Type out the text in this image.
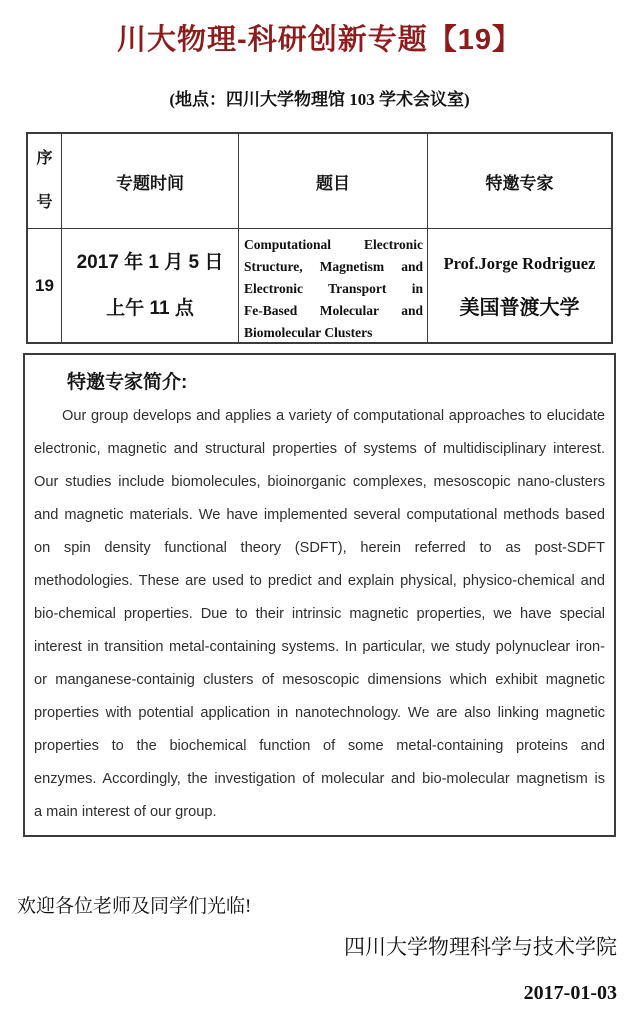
川大物理-科研创新专题【19】
(地点：四川大学物理馆 103 学术会议室)
序号
专题时间	题目	特邀专家
19
2017 年 1 月 5 日
上午 11 点
Computational Electronic
Structure, Magnetism and
Electronic Transport in
Fe-Based Molecular and
Biomolecular Clusters
Prof.Jorge Rodriguez
美国普渡大学
特邀专家简介:
Our group develops and applies a variety of computational approaches to elucidate
electronic, magnetic and structural properties of systems of multidisciplinary interest.
Our studies include biomolecules, bioinorganic complexes, mesoscopic nano-clusters
and magnetic materials. We have implemented several computational methods based
on spin density functional theory (SDFT), herein referred to as post-SDFT
methodologies. These are used to predict and explain physical, physico-chemical and
bio-chemical properties. Due to their intrinsic magnetic properties, we have special
interest in transition metal-containing systems. In particular, we study polynuclear iron-
or manganese-containig clusters of mesoscopic dimensions which exhibit magnetic
properties with potential application in nanotechnology. We are also linking magnetic
properties to the biochemical function of some metal-containing proteins and
enzymes. Accordingly, the investigation of molecular and bio-molecular magnetism is
a main interest of our group.
欢迎各位老师及同学们光临!
四川大学物理科学与技术学院
2017-01-03
